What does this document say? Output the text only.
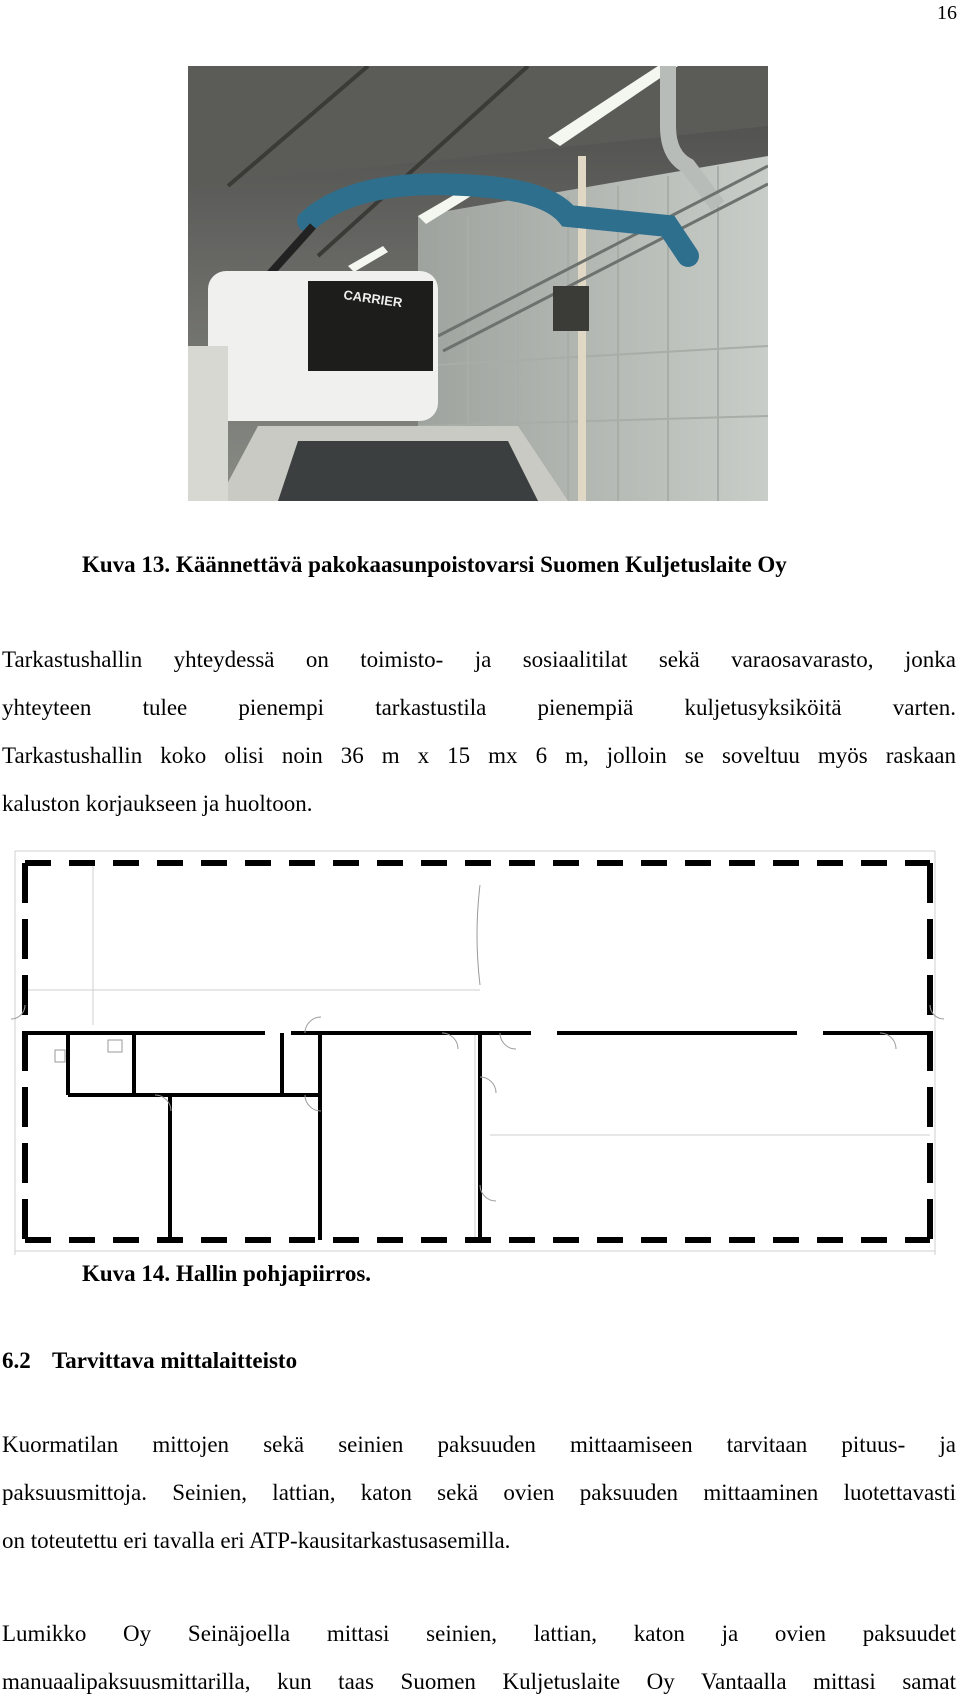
16
CARRIER
Kuva 13. Käännettävä pakokaasunpoistovarsi Suomen Kuljetuslaite Oy
Tarkastushallin yhteydessä on toimisto- ja sosiaalitilat sekä varaosavarasto, jonka
yhteyteen tulee pienempi tarkastustila pienempiä kuljetusyksiköitä varten.
Tarkastushallin koko olisi noin 36 m x 15 mx 6 m, jolloin se soveltuu myös raskaan
kaluston korjaukseen ja huoltoon.
Kuva 14. Hallin pohjapiirros.
6.2 Tarvittava mittalaitteisto
Kuormatilan mittojen sekä seinien paksuuden mittaamiseen tarvitaan pituus- ja
paksuusmittoja. Seinien, lattian, katon sekä ovien paksuuden mittaaminen luotettavasti
on toteutettu eri tavalla eri ATP-kausitarkastusasemilla.
Lumikko Oy Seinäjoella mittasi seinien, lattian, katon ja ovien paksuudet
manuaalipaksuusmittarilla, kun taas Suomen Kuljetuslaite Oy Vantaalla mittasi samat
